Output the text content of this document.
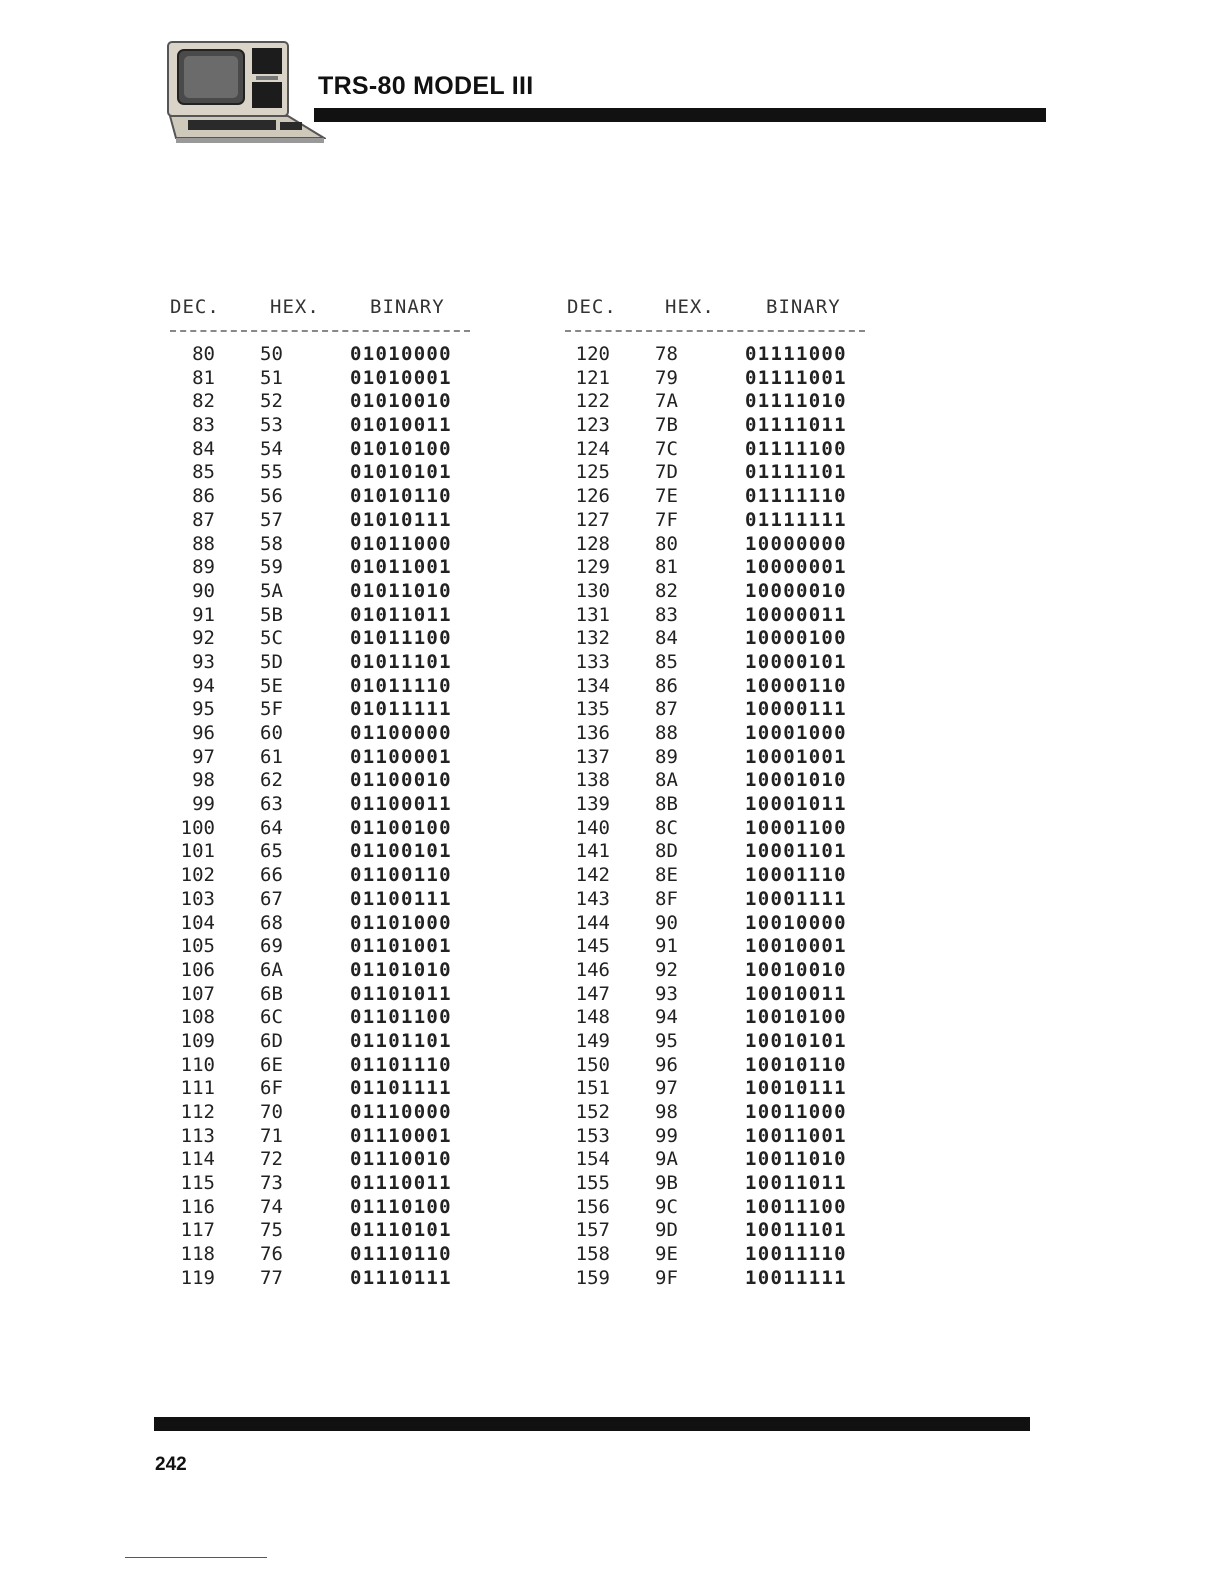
TRS-80 MODEL III
DEC.	HEX.	BINARY
80 50	01010000
81 51	01010001
82 52	01010010
83 53	01010011
84 54	01010100
85 55	01010101
86 56	01010110
87 57	01010111
88 58	01011000
89 59	01011001
90 5A	01011010
91 5B	01011011
92 5C	01011100
93 5D	01011101
94 5E	01011110
95 5F	01011111
96 60	01100000
97 61	01100001
98 62	01100010
99 63	01100011
100 64	01100100
101 65	01100101
102 66	01100110
103 67	01100111
104 68	01101000
105 69	01101001
106 6A	01101010
107 6B	01101011
108 6C	01101100
109 6D	01101101
110 6E	01101110
111 6F	01101111
112 70	01110000
113 71	01110001
114 72	01110010
115 73	01110011
116 74	01110100
117 75	01110101
118 76	01110110
119 77	01110111
DEC.	HEX.	BINARY
120 78	01111000
121 79	01111001
122 7A	01111010
123 7B	01111011
124 7C	01111100
125 7D	01111101
126 7E	01111110
127 7F	01111111
128 80	10000000
129 81	10000001
130 82	10000010
131 83	10000011
132 84	10000100
133 85	10000101
134 86	10000110
135 87	10000111
136 88	10001000
137 89	10001001
138 8A	10001010
139 8B	10001011
140 8C	10001100
141 8D	10001101
142 8E	10001110
143 8F	10001111
144 90	10010000
145 91	10010001
146 92	10010010
147 93	10010011
148 94	10010100
149 95	10010101
150 96	10010110
151 97	10010111
152 98	10011000
153 99	10011001
154 9A	10011010
155 9B	10011011
156 9C	10011100
157 9D	10011101
158 9E	10011110
159 9F	10011111
242
